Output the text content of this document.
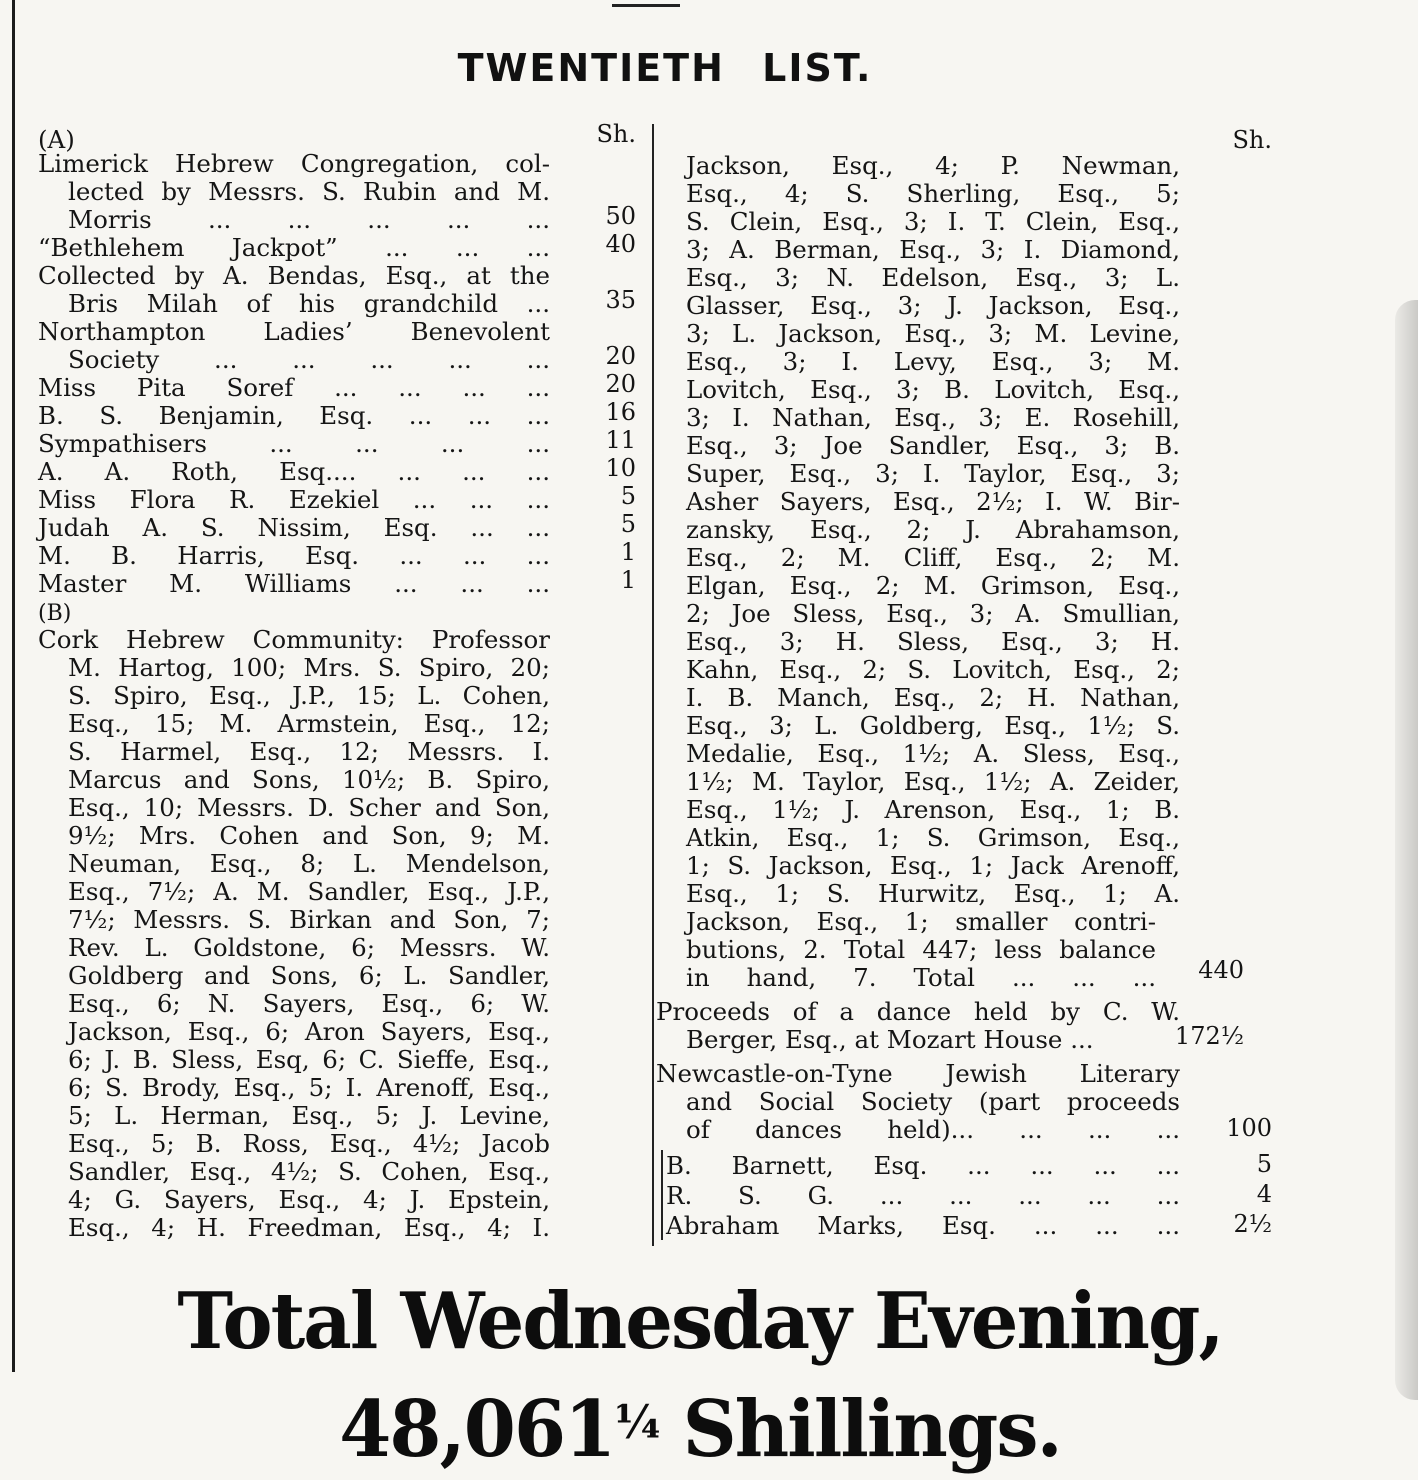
TWENTIETH LIST.
(A)	Sh.
Limerick Hebrew Congregation, col-
lected by Messrs. S. Rubin and M.
Morris ... ... ... ... ...	50
“Bethlehem Jackpot” ... ... ...	40
Collected by A. Bendas, Esq., at the
Bris Milah of his grandchild ...	35
Northampton Ladies’ Benevolent
Society ... ... ... ... ...	20
Miss Pita Soref ... ... ... ...	20
B. S. Benjamin, Esq. ... ... ...	16
Sympathisers ... ... ... ...	11
A. A. Roth, Esq.... ... ... ...	10
Miss Flora R. Ezekiel ... ... ...	5
Judah A. S. Nissim, Esq. ... ...	5
M. B. Harris, Esq. ... ... ...	1
Master M. Williams ... ... ...	1
(B)
Cork Hebrew Community: Professor
M. Hartog, 100; Mrs. S. Spiro, 20;
S. Spiro, Esq., J.P., 15; L. Cohen,
Esq., 15; M. Armstein, Esq., 12;
S. Harmel, Esq., 12; Messrs. I.
Marcus and Sons, 10½; B. Spiro,
Esq., 10; Messrs. D. Scher and Son,
9½; Mrs. Cohen and Son, 9; M.
Neuman, Esq., 8; L. Mendelson,
Esq., 7½; A. M. Sandler, Esq., J.P.,
7½; Messrs. S. Birkan and Son, 7;
Rev. L. Goldstone, 6; Messrs. W.
Goldberg and Sons, 6; L. Sandler,
Esq., 6; N. Sayers, Esq., 6; W.
Jackson, Esq., 6; Aron Sayers, Esq.,
6; J. B. Sless, Esq, 6; C. Sieffe, Esq.,
6; S. Brody, Esq., 5; I. Arenoff, Esq.,
5; L. Herman, Esq., 5; J. Levine,
Esq., 5; B. Ross, Esq., 4½; Jacob
Sandler, Esq., 4½; S. Cohen, Esq.,
4; G. Sayers, Esq., 4; J. Epstein,
Esq., 4; H. Freedman, Esq., 4; I.
Sh.
Jackson, Esq., 4; P. Newman,
Esq., 4; S. Sherling, Esq., 5;
S. Clein, Esq., 3; I. T. Clein, Esq.,
3; A. Berman, Esq., 3; I. Diamond,
Esq., 3; N. Edelson, Esq., 3; L.
Glasser, Esq., 3; J. Jackson, Esq.,
3; L. Jackson, Esq., 3; M. Levine,
Esq., 3; I. Levy, Esq., 3; M.
Lovitch, Esq., 3; B. Lovitch, Esq.,
3; I. Nathan, Esq., 3; E. Rosehill,
Esq., 3; Joe Sandler, Esq., 3; B.
Super, Esq., 3; I. Taylor, Esq., 3;
Asher Sayers, Esq., 2½; I. W. Bir-
zansky, Esq., 2; J. Abrahamson,
Esq., 2; M. Cliff, Esq., 2; M.
Elgan, Esq., 2; M. Grimson, Esq.,
2; Joe Sless, Esq., 3; A. Smullian,
Esq., 3; H. Sless, Esq., 3; H.
Kahn, Esq., 2; S. Lovitch, Esq., 2;
I. B. Manch, Esq., 2; H. Nathan,
Esq., 3; L. Goldberg, Esq., 1½; S.
Medalie, Esq., 1½; A. Sless, Esq.,
1½; M. Taylor, Esq., 1½; A. Zeider,
Esq., 1½; J. Arenson, Esq., 1; B.
Atkin, Esq., 1; S. Grimson, Esq.,
1; S. Jackson, Esq., 1; Jack Arenoff,
Esq., 1; S. Hurwitz, Esq., 1; A.
Jackson, Esq., 1; smaller contri-
butions, 2. Total 447; less balance
in hand, 7. Total ... ... ...	440
Proceeds of a dance held by C. W.
Berger, Esq., at Mozart House ...	172½
Newcastle-on-Tyne Jewish Literary
and Social Society (part proceeds
of dances held)... ... ... ...	100
B. Barnett, Esq. ... ... ... ...	5
R. S. G. ... ... ... ... ...	4
Abraham Marks, Esq. ... ... ...	2½
Total Wednesday Evening, $48,061^{\frac{1}{4}}$ Shillings.
